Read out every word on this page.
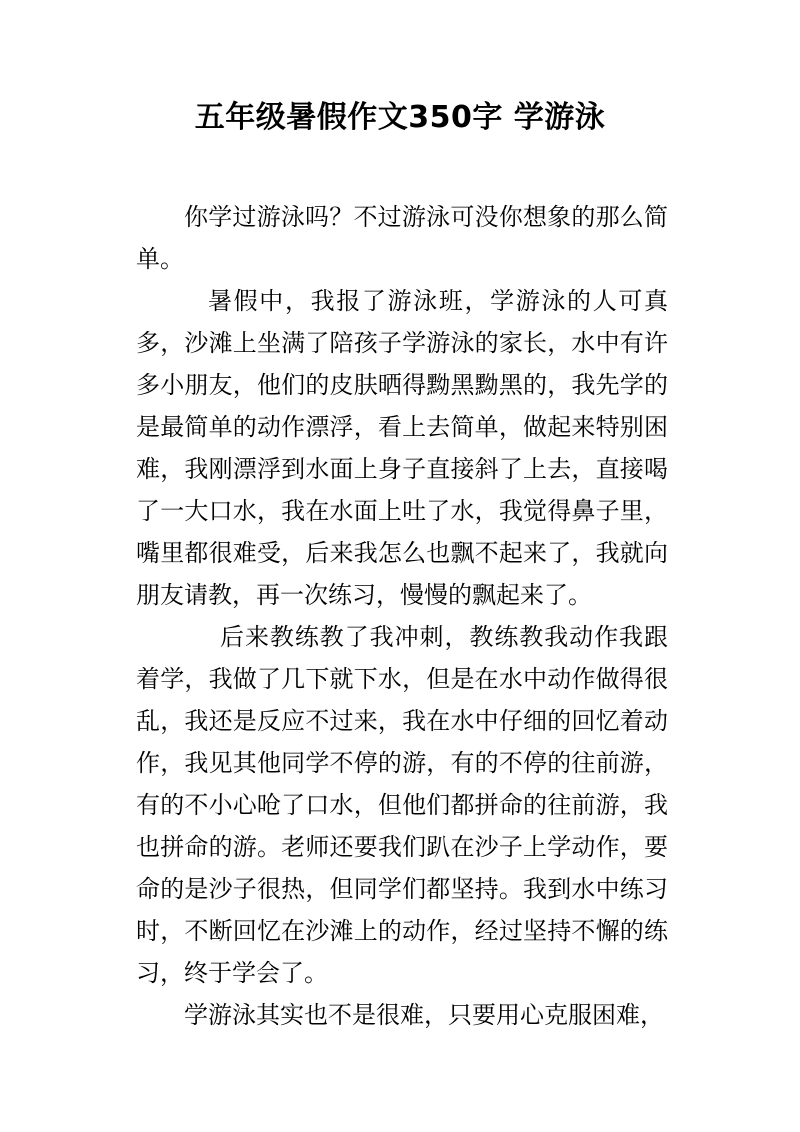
五年级暑假作文350字 学游泳

你学过游泳吗？不过游泳可没你想象的那么简单。

暑假中，我报了游泳班，学游泳的人可真多，沙滩上坐满了陪孩子学游泳的家长，水中有许多小朋友，他们的皮肤晒得黝黑黝黑的，我先学的是最简单的动作漂浮，看上去简单，做起来特别困难，我刚漂浮到水面上身子直接斜了上去，直接喝了一大口水，我在水面上吐了水，我觉得鼻子里，嘴里都很难受，后来我怎么也飘不起来了，我就向朋友请教，再一次练习，慢慢的飘起来了。

后来教练教了我冲刺，教练教我动作我跟着学，我做了几下就下水，但是在水中动作做得很乱，我还是反应不过来，我在水中仔细的回忆着动作，我见其他同学不停的游，有的不停的往前游，有的不小心呛了口水，但他们都拼命的往前游，我也拼命的游。老师还要我们趴在沙子上学动作，要命的是沙子很热，但同学们都坚持。我到水中练习时，不断回忆在沙滩上的动作，经过坚持不懈的练习，终于学会了。

学游泳其实也不是很难，只要用心克服困难，
